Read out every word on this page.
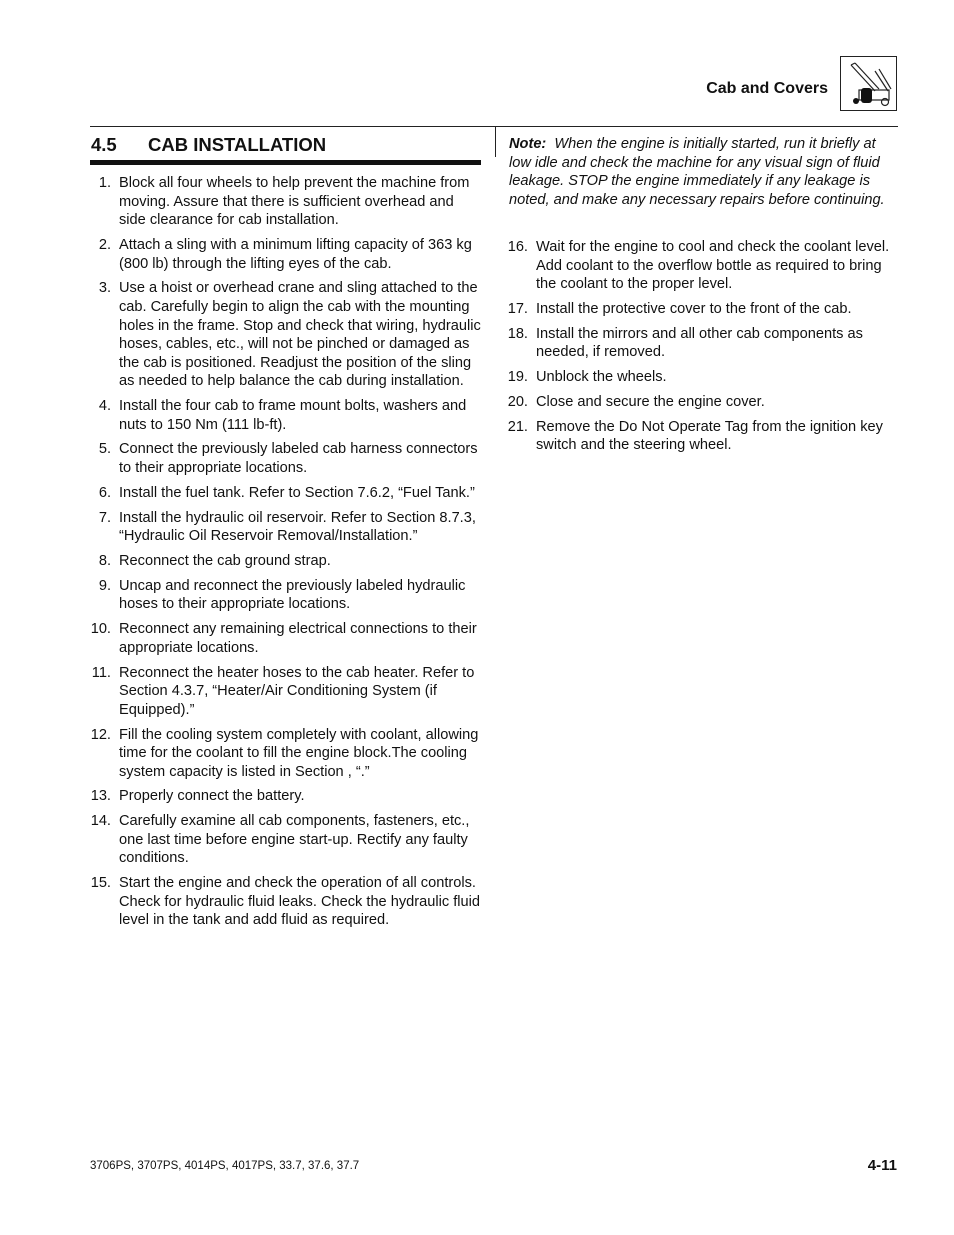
Cab and Covers
4.5 CAB INSTALLATION
1. Block all four wheels to help prevent the machine from moving. Assure that there is sufficient overhead and side clearance for cab installation.
2. Attach a sling with a minimum lifting capacity of 363 kg (800 lb) through the lifting eyes of the cab.
3. Use a hoist or overhead crane and sling attached to the cab. Carefully begin to align the cab with the mounting holes in the frame. Stop and check that wiring, hydraulic hoses, cables, etc., will not be pinched or damaged as the cab is positioned. Readjust the position of the sling as needed to help balance the cab during installation.
4. Install the four cab to frame mount bolts, washers and nuts to 150 Nm (111 lb-ft).
5. Connect the previously labeled cab harness connectors to their appropriate locations.
6. Install the fuel tank. Refer to Section 7.6.2, “Fuel Tank.”
7. Install the hydraulic oil reservoir. Refer to Section 8.7.3, “Hydraulic Oil Reservoir Removal/Installation.”
8. Reconnect the cab ground strap.
9. Uncap and reconnect the previously labeled hydraulic hoses to their appropriate locations.
10. Reconnect any remaining electrical connections to their appropriate locations.
11. Reconnect the heater hoses to the cab heater. Refer to Section 4.3.7, “Heater/Air Conditioning System (if Equipped).”
12. Fill the cooling system completely with coolant, allowing time for the coolant to fill the engine block.The cooling system capacity is listed in Section , “.”
13. Properly connect the battery.
14. Carefully examine all cab components, fasteners, etc., one last time before engine start-up. Rectify any faulty conditions.
15. Start the engine and check the operation of all controls. Check for hydraulic fluid leaks. Check the hydraulic fluid level in the tank and add fluid as required.
Note: When the engine is initially started, run it briefly at low idle and check the machine for any visual sign of fluid leakage. STOP the engine immediately if any leakage is noted, and make any necessary repairs before continuing.
16. Wait for the engine to cool and check the coolant level. Add coolant to the overflow bottle as required to bring the coolant to the proper level.
17. Install the protective cover to the front of the cab.
18. Install the mirrors and all other cab components as needed, if removed.
19. Unblock the wheels.
20. Close and secure the engine cover.
21. Remove the Do Not Operate Tag from the ignition key switch and the steering wheel.
3706PS, 3707PS, 4014PS, 4017PS, 33.7, 37.6, 37.7	4-11
